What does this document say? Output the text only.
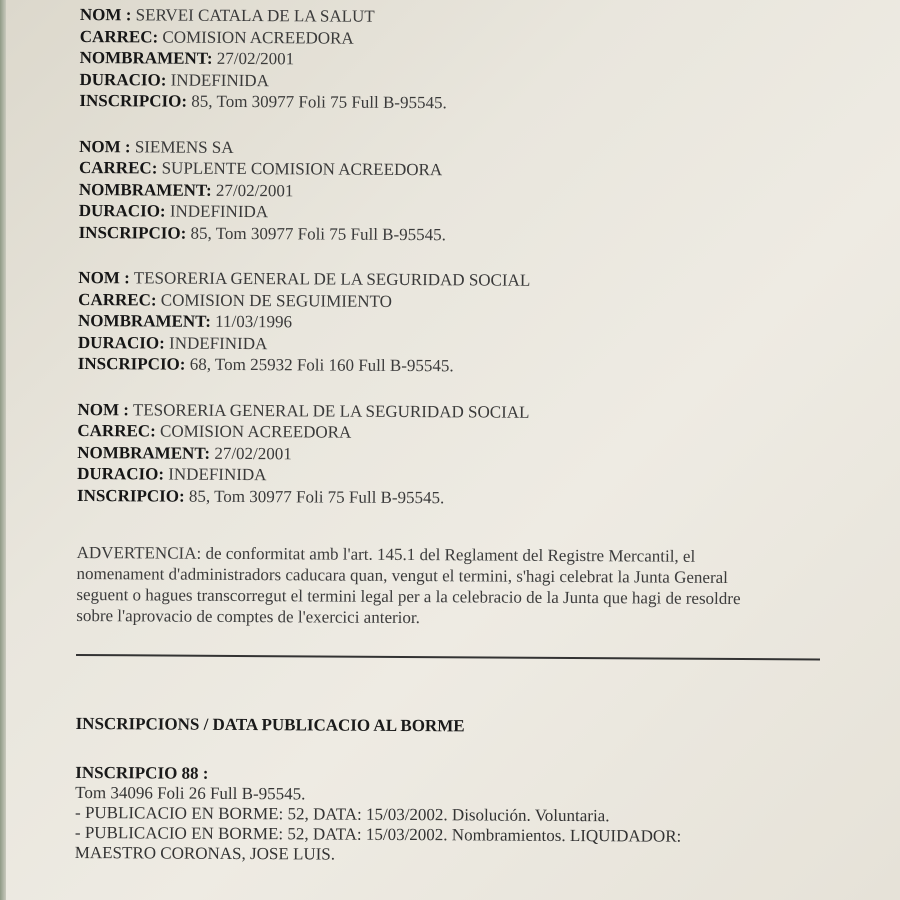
NOM : SERVEI CATALA DE LA SALUT
CARREC: COMISION ACREEDORA
NOMBRAMENT: 27/02/2001
DURACIO: INDEFINIDA
INSCRIPCIO: 85, Tom 30977 Foli 75 Full B-95545.
NOM : SIEMENS SA
CARREC: SUPLENTE COMISION ACREEDORA
NOMBRAMENT: 27/02/2001
DURACIO: INDEFINIDA
INSCRIPCIO: 85, Tom 30977 Foli 75 Full B-95545.
NOM : TESORERIA GENERAL DE LA SEGURIDAD SOCIAL
CARREC: COMISION DE SEGUIMIENTO
NOMBRAMENT: 11/03/1996
DURACIO: INDEFINIDA
INSCRIPCIO: 68, Tom 25932 Foli 160 Full B-95545.
NOM : TESORERIA GENERAL DE LA SEGURIDAD SOCIAL
CARREC: COMISION ACREEDORA
NOMBRAMENT: 27/02/2001
DURACIO: INDEFINIDA
INSCRIPCIO: 85, Tom 30977 Foli 75 Full B-95545.
ADVERTENCIA: de conformitat amb l'art. 145.1 del Reglament del Registre Mercantil, el
nomenament d'administradors caducara quan, vengut el termini, s'hagi celebrat la Junta General
seguent o hagues transcorregut el termini legal per a la celebracio de la Junta que hagi de resoldre
sobre l'aprovacio de comptes de l'exercici anterior.
INSCRIPCIONS / DATA PUBLICACIO AL BORME
INSCRIPCIO 88 :
Tom 34096 Foli 26 Full B-95545.
- PUBLICACIO EN BORME: 52, DATA: 15/03/2002. Disolución. Voluntaria.
- PUBLICACIO EN BORME: 52, DATA: 15/03/2002. Nombramientos. LIQUIDADOR:
MAESTRO CORONAS, JOSE LUIS.
